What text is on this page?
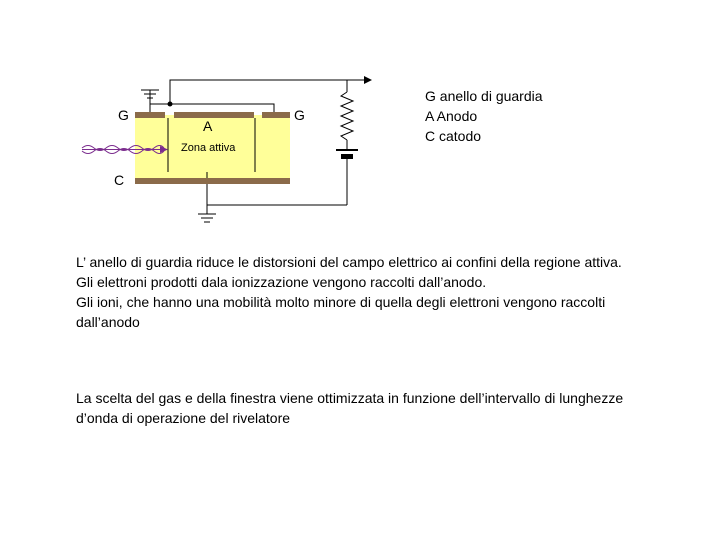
G	G
A
C
Zona attiva
G anello di guardia
A Anodo
C catodo
L’ anello di guardia riduce le distorsioni del campo elettrico ai confini della regione attiva.
Gli elettroni prodotti dala ionizzazione vengono raccolti dall’anodo.
Gli ioni, che hanno una mobilità molto minore di quella degli elettroni vengono raccolti dall’anodo
La scelta del gas e della finestra viene ottimizzata in funzione dell’intervallo di lunghezze d’onda di operazione del rivelatore
